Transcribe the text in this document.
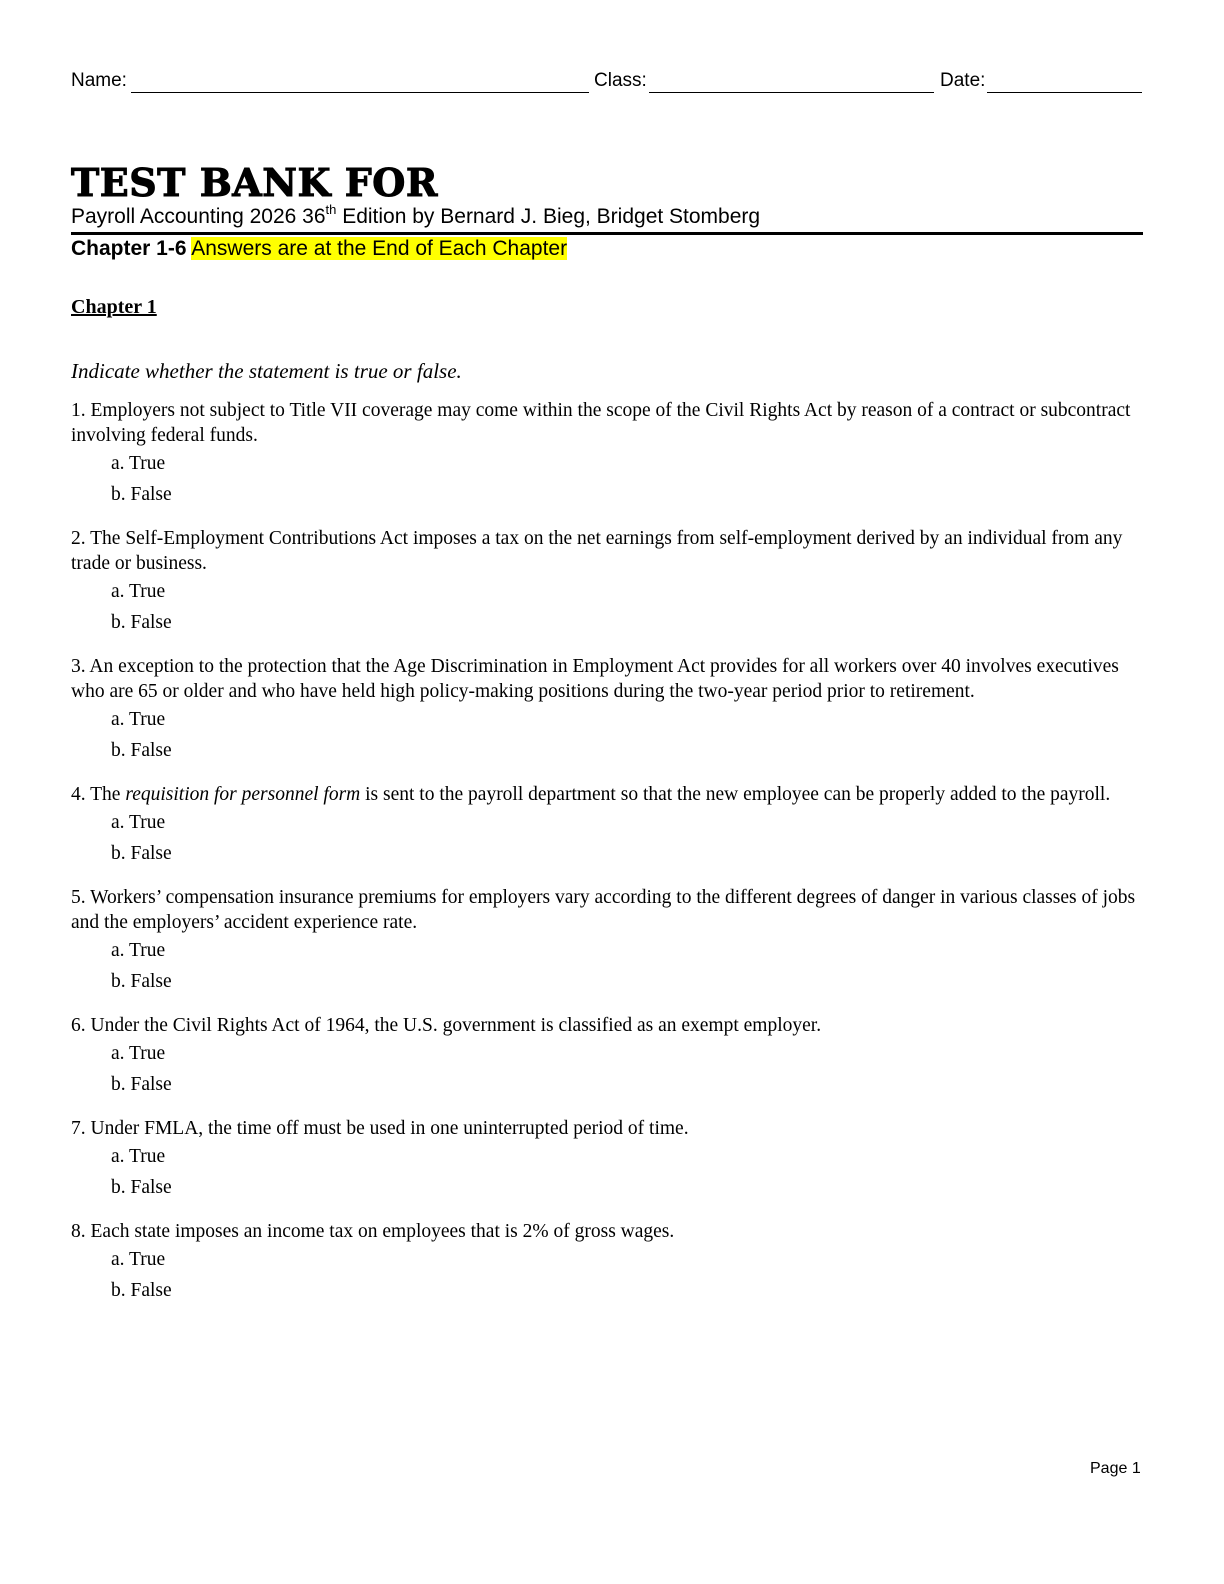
Name:	Class:	Date:
TEST BANK FOR
Payroll Accounting 2026 36th Edition by Bernard J. Bieg, Bridget Stomberg
Chapter 1-6 Answers are at the End of Each Chapter
Chapter 1
Indicate whether the statement is true or false.
1. Employers not subject to Title VII coverage may come within the scope of the Civil Rights Act by reason of a contract or subcontract involving federal funds.
a. True
b. False
2. The Self-Employment Contributions Act imposes a tax on the net earnings from self-employment derived by an individual from any trade or business.
a. True
b. False
3. An exception to the protection that the Age Discrimination in Employment Act provides for all workers over 40 involves executives who are 65 or older and who have held high policy-making positions during the two-year period prior to retirement.
a. True
b. False
4. The requisition for personnel form is sent to the payroll department so that the new employee can be properly added to the payroll.
a. True
b. False
5. Workers’ compensation insurance premiums for employers vary according to the different degrees of danger in various classes of jobs and the employers’ accident experience rate.
a. True
b. False
6. Under the Civil Rights Act of 1964, the U.S. government is classified as an exempt employer.
a. True
b. False
7. Under FMLA, the time off must be used in one uninterrupted period of time.
a. True
b. False
8. Each state imposes an income tax on employees that is 2% of gross wages.
a. True
b. False
Page 1
